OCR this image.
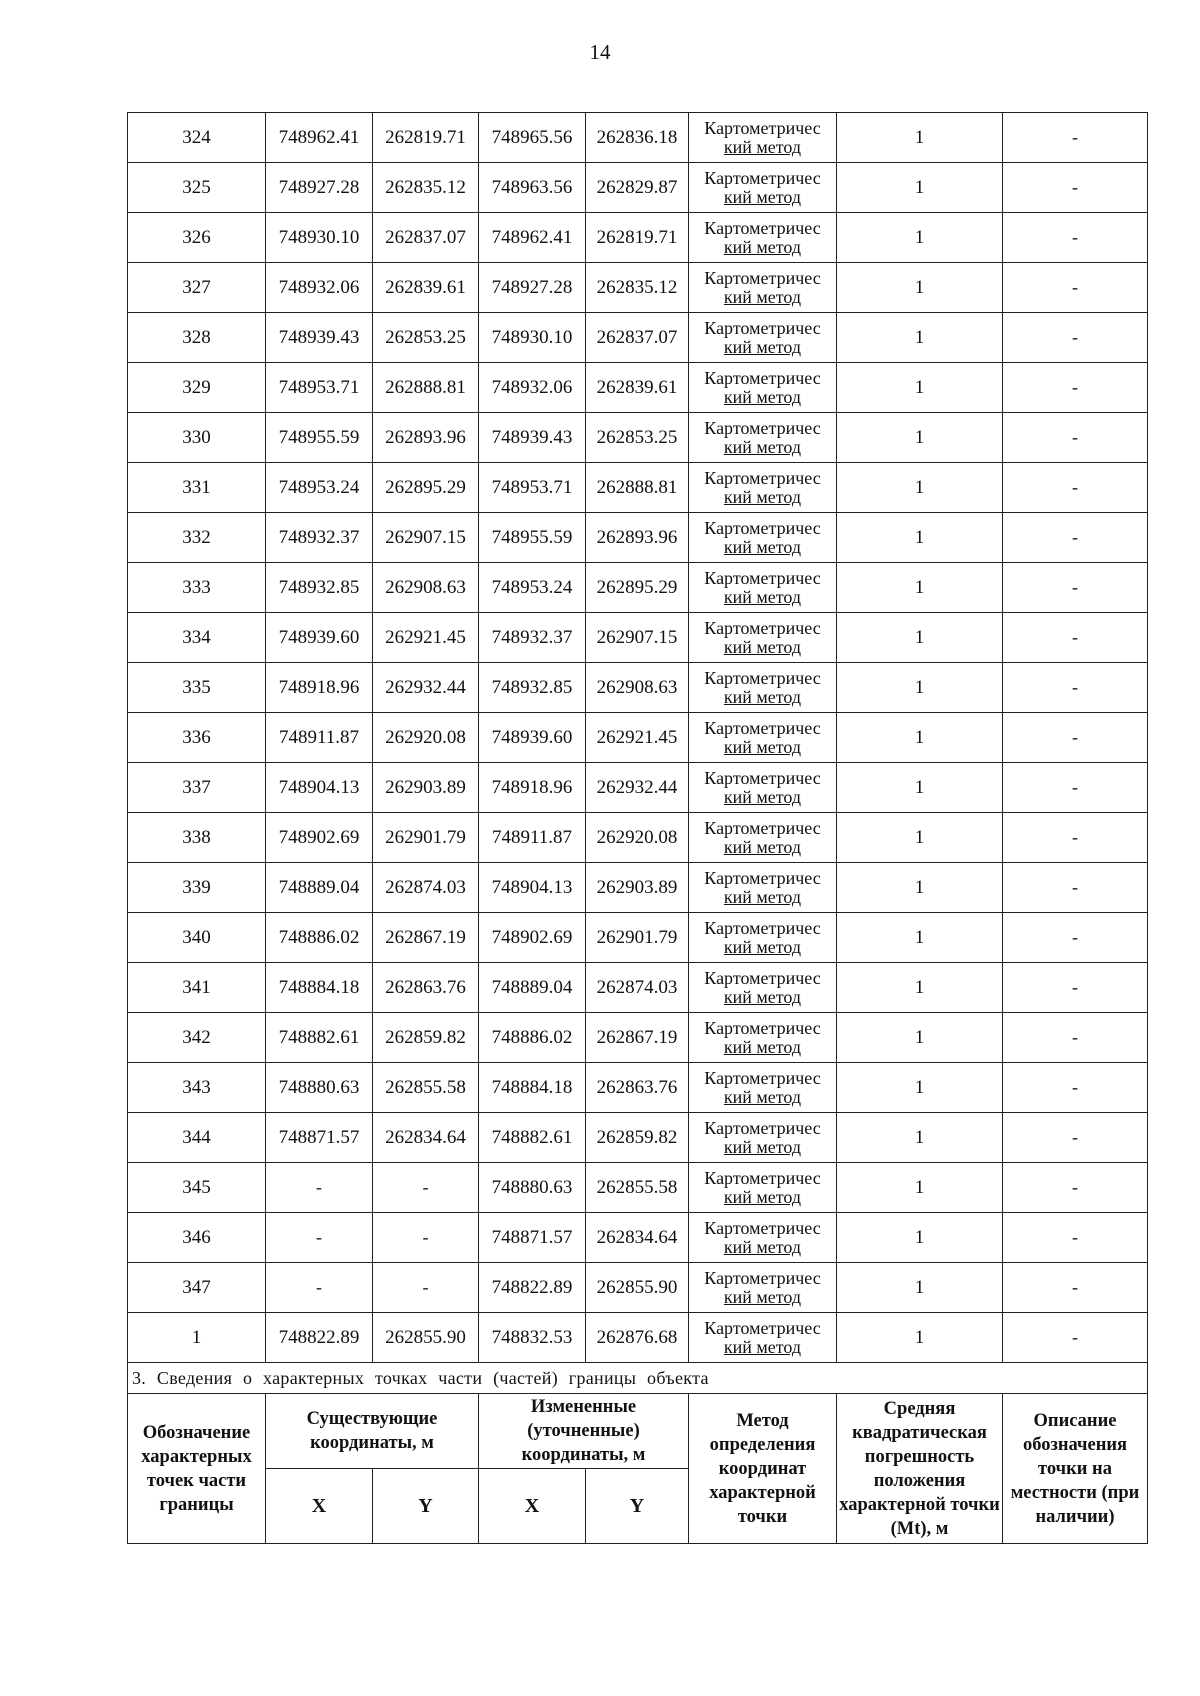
14
324	748962.41	262819.71	748965.56	262836.18	Картометричес
кий метод	1	-
325	748927.28	262835.12	748963.56	262829.87	Картометричес
кий метод	1	-
326	748930.10	262837.07	748962.41	262819.71	Картометричес
кий метод	1	-
327	748932.06	262839.61	748927.28	262835.12	Картометричес
кий метод	1	-
328	748939.43	262853.25	748930.10	262837.07	Картометричес
кий метод	1	-
329	748953.71	262888.81	748932.06	262839.61	Картометричес
кий метод	1	-
330	748955.59	262893.96	748939.43	262853.25	Картометричес
кий метод	1	-
331	748953.24	262895.29	748953.71	262888.81	Картометричес
кий метод	1	-
332	748932.37	262907.15	748955.59	262893.96	Картометричес
кий метод	1	-
333	748932.85	262908.63	748953.24	262895.29	Картометричес
кий метод	1	-
334	748939.60	262921.45	748932.37	262907.15	Картометричес
кий метод	1	-
335	748918.96	262932.44	748932.85	262908.63	Картометричес
кий метод	1	-
336	748911.87	262920.08	748939.60	262921.45	Картометричес
кий метод	1	-
337	748904.13	262903.89	748918.96	262932.44	Картометричес
кий метод	1	-
338	748902.69	262901.79	748911.87	262920.08	Картометричес
кий метод	1	-
339	748889.04	262874.03	748904.13	262903.89	Картометричес
кий метод	1	-
340	748886.02	262867.19	748902.69	262901.79	Картометричес
кий метод	1	-
341	748884.18	262863.76	748889.04	262874.03	Картометричес
кий метод	1	-
342	748882.61	262859.82	748886.02	262867.19	Картометричес
кий метод	1	-
343	748880.63	262855.58	748884.18	262863.76	Картометричес
кий метод	1	-
344	748871.57	262834.64	748882.61	262859.82	Картометричес
кий метод	1	-
345	-	-	748880.63	262855.58	Картометричес
кий метод	1	-
346	-	-	748871.57	262834.64	Картометричес
кий метод	1	-
347	-	-	748822.89	262855.90	Картометричес
кий метод	1	-
1	748822.89	262855.90	748832.53	262876.68	Картометричес
кий метод	1	-
3. Сведения о характерных точках части (частей) границы объекта							
Обозначение характерных точек части границы	Существующие координаты, м		Измененные (уточненные) координаты, м		Метод определения координат характерной точки	Средняя квадратическая погрешность положения характерной точки (Mt), м	Описание обозначения точки на местности (при наличии)
	X	Y	X	Y			
